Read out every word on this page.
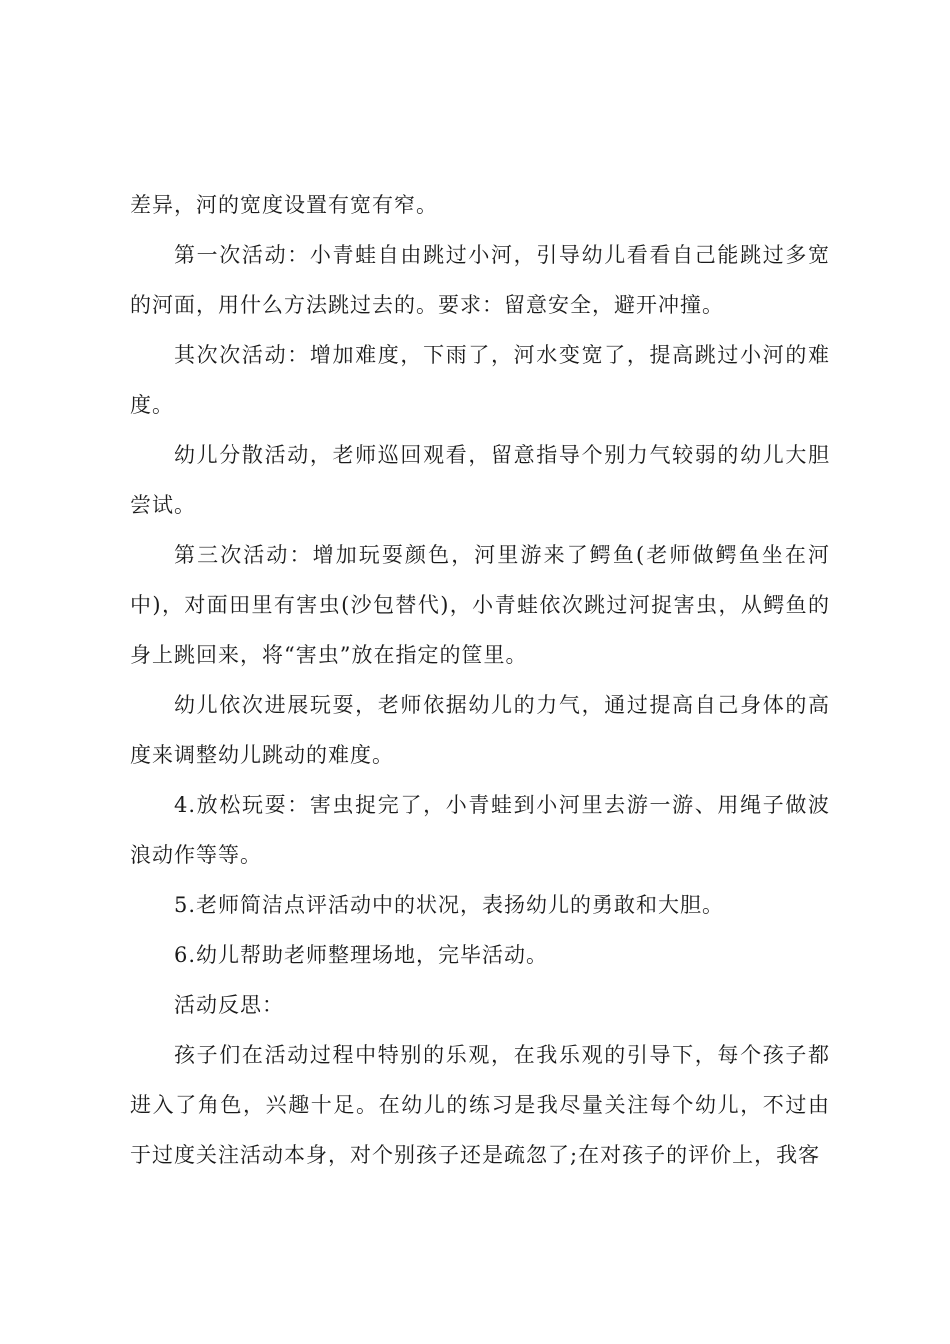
差异，河的宽度设置有宽有窄。

第一次活动：小青蛙自由跳过小河，引导幼儿看看自己能跳过多宽的河面，用什么方法跳过去的。要求：留意安全，避开冲撞。

其次次活动：增加难度，下雨了，河水变宽了，提高跳过小河的难度。

幼儿分散活动，老师巡回观看，留意指导个别力气较弱的幼儿大胆尝试。

第三次活动：增加玩耍颜色，河里游来了鳄鱼(老师做鳄鱼坐在河中)，对面田里有害虫(沙包替代)，小青蛙依次跳过河捉害虫，从鳄鱼的身上跳回来，将“害虫”放在指定的筐里。

幼儿依次进展玩耍，老师依据幼儿的力气，通过提高自己身体的高度来调整幼儿跳动的难度。

4.放松玩耍：害虫捉完了，小青蛙到小河里去游一游、用绳子做波浪动作等等。

5.老师简洁点评活动中的状况，表扬幼儿的勇敢和大胆。

6.幼儿帮助老师整理场地，完毕活动。

活动反思：

孩子们在活动过程中特别的乐观，在我乐观的引导下，每个孩子都进入了角色，兴趣十足。在幼儿的练习是我尽量关注每个幼儿，不过由于过度关注活动本身，对个别孩子还是疏忽了;在对孩子的评价上，我客
